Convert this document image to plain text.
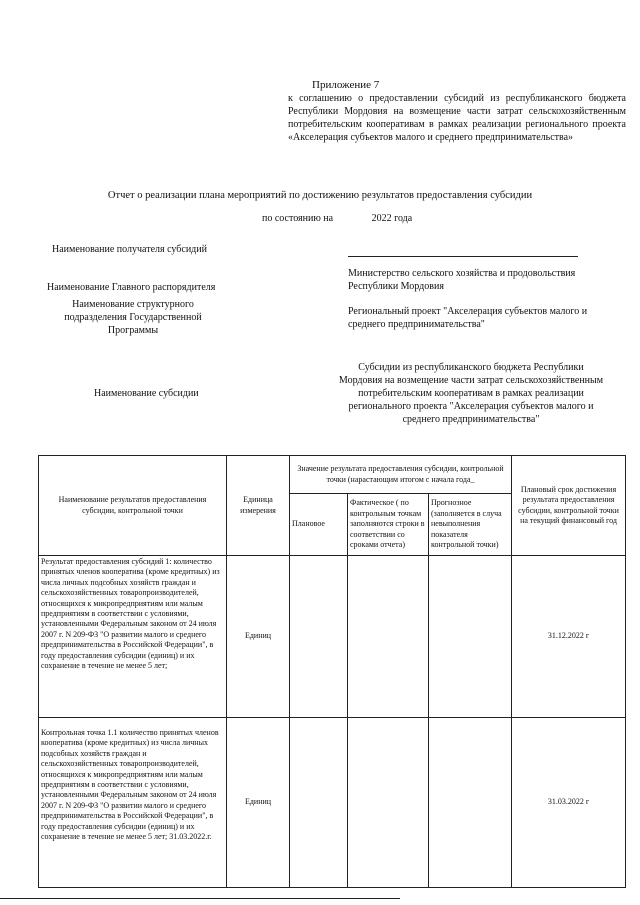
Приложение 7
к соглашению о предоставлении субсидий из республиканского бюджета Республики Мордовия на возмещение части затрат сельскохозяйственным потребительским кооперативам в рамках реализации регионального проекта «Акселерация субъектов малого и среднего предпринимательства»
Отчет о реализации плана мероприятий по достижению результатов предоставления субсидии
по состоянию на	2022 года
Наименование получателя субсидий
Наименование Главного распорядителя
Министерство сельского хозяйства и продовольствия Республики Мордовия
Наименование структурного подразделения Государственной Программы
Региональный проект "Акселерация субъектов малого и среднего предпринимательства"
Наименование субсидии
Субсидии из республиканского бюджета Республики Мордовия на возмещение части затрат сельскохозяйственным потребительским кооперативам в рамках реализации регионального проекта "Акселерация субъектов малого и среднего предпринимательства"
Наименование результатов предоставления субсидии, контрольной точки	Единица измерения	Значение результата предоставления субсидии, контрольной точки (нарастающим итогом с начала года_			Плановый срок достижения результата предоставления субсидии, контрольной точки на текущий финансовый год
		Плановое	Фактическое ( по контрольным точкам заполняются строки в соответствии со сроками отчета)	Прогнозное (заполняется в случа невыполнения показателя контрольной точки)	
Результат предоставления субсидий 1: количество принятых членов кооператива (кроме кредитных) из числа личных подсобных хозяйств граждан и сельскохозяйственных товаропроизводителей, относящихся к микропредприятиям или малым предприятиям в соответствии с условиями, установленными Федеральным законом от 24 июля 2007 г. N 209-ФЗ "О развитии малого и среднего предпринимательства в Российской Федерации", в году предоставления субсидии (единиц) и их сохранение в течение не менее 5 лет;	Единиц				31.12.2022 г
Контрольная точка 1.1 количество принятых членов кооператива (кроме кредитных) из числа личных подсобных хозяйств граждан и сельскохозяйственных товаропроизводителей, относящихся к микропредприятиям или малым предприятиям в соответствии с условиями, установленными Федеральным законом от 24 июля 2007 г. N 209-ФЗ "О развитии малого и среднего предпринимательства в Российской Федерации", в году предоставления субсидии (единиц) и их сохранение в течение не менее 5 лет; 31.03.2022.г.	Единиц				31.03.2022 г
